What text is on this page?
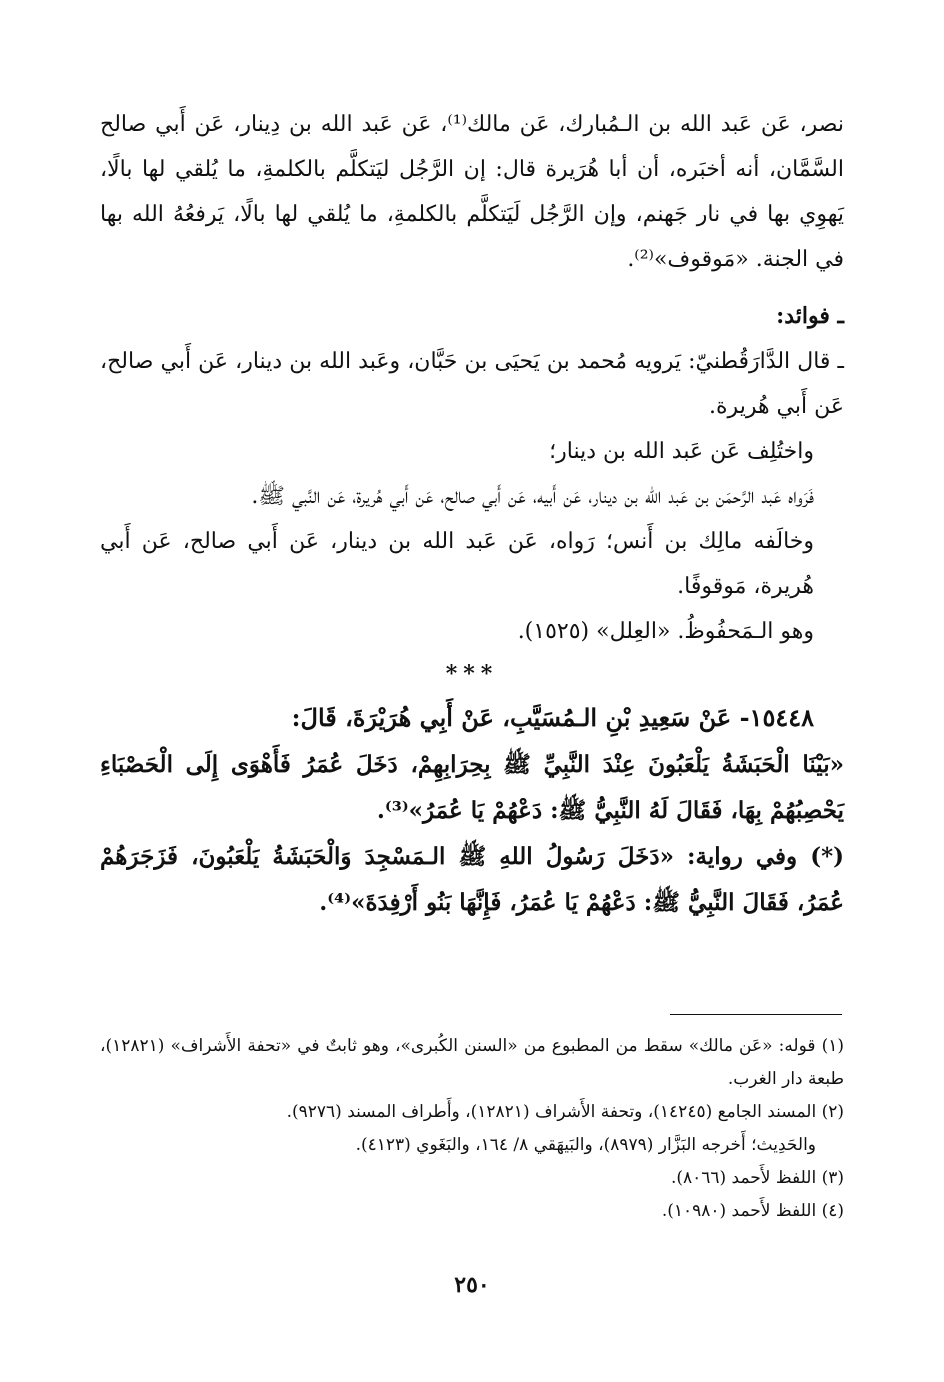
نصر، عَن عَبد الله بن الـمُبارك، عَن مالك⁽¹⁾، عَن عَبد الله بن دِينار، عَن أَبي صالح السَّمَّان، أنه أخبَره، أن أبا هُرَيرة قال: إن الرَّجُل ليَتكلَّم بالكلمةِ، ما يُلقي لها بالًا، يَهوِي بها في نار جَهنم، وإن الرَّجُل لَيَتكلَّم بالكلمةِ، ما يُلقي لها بالًا، يَرفعُهُ الله بها في الجنة. «مَوقوف»⁽²⁾.

ـ فوائد:

ـ قال الدَّارَقُطنيّ: يَرويه مُحمد بن يَحيَى بن حَبَّان، وعَبد الله بن دينار، عَن أَبي صالح، عَن أَبي هُريرة.

واختُلِف عَن عَبد الله بن دينار؛

فَرَواه عَبد الرَّحمَن بن عَبد الله بن دينار، عَن أَبيه، عَن أَبي صالح، عَن أَبي هُريرة، عَن النَّبي ﷺ.

وخالَفه مالِك بن أَنس؛ رَواه، عَن عَبد الله بن دينار، عَن أَبي صالح، عَن أَبي هُريرة، مَوقوفًا.

وهو الـمَحفُوظُ. «العِلل» (١٥٢٥).

***

١٥٤٤٨- عَنْ سَعِيدِ بْنِ الـمُسَيَّبِ، عَنْ أَبِي هُرَيْرَةَ، قَالَ:

«بَيْنَا الْحَبَشَةُ يَلْعَبُونَ عِنْدَ النَّبِيِّ ﷺ بِحِرَابِهِمْ، دَخَلَ عُمَرُ فَأَهْوَى إِلَى الْحَصْبَاءِ يَحْصِبُهُمْ بِهَا، فَقَالَ لَهُ النَّبِيُّ ﷺ: دَعْهُمْ يَا عُمَرُ»⁽³⁾.

(*) وفي رواية: «دَخَلَ رَسُولُ اللهِ ﷺ الـمَسْجِدَ وَالْحَبَشَةُ يَلْعَبُونَ، فَزَجَرَهُمْ عُمَرُ، فَقَالَ النَّبِيُّ ﷺ: دَعْهُمْ يَا عُمَرُ، فَإِنَّهَا بَنُو أَرْفِدَةَ»⁽⁴⁾.

(١) قوله: «عَن مالك» سقط من المطبوع من «السنن الكُبرى»، وهو ثابتٌ في «تحفة الأَشراف» (١٢٨٢١)، طبعة دار الغرب.

(٢) المسند الجامع (١٤٢٤٥)، وتحفة الأَشراف (١٢٨٢١)، وأَطراف المسند (٩٢٧٦).

والحَدِيث؛ أَخرجه البَزَّار (٨٩٧٩)، والبَيهَقي ٨/ ١٦٤، والبَغَوي (٤١٢٣).

(٣) اللفظ لأَحمد (٨٠٦٦).

(٤) اللفظ لأَحمد (١٠٩٨٠).

٢٥٠
